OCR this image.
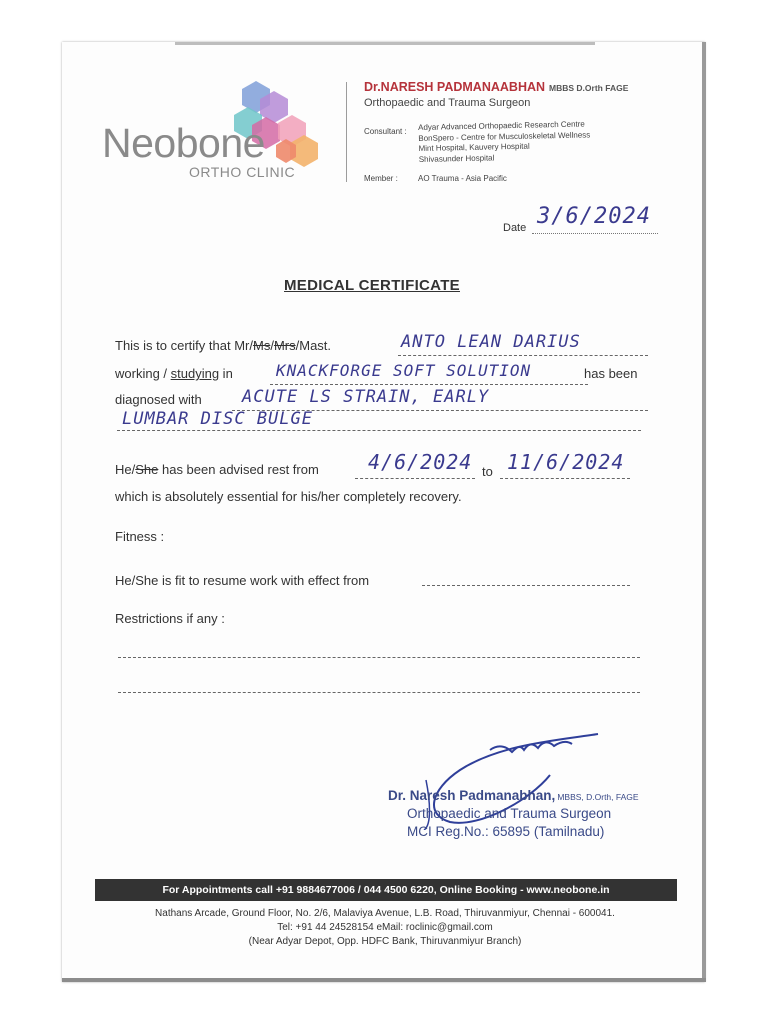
Neobone
ORTHO CLINIC
Dr.NARESH PADMANAABHAN MBBS D.Orth FAGE
Orthopaedic and Trauma Surgeon
Consultant : Adyar Advanced Orthopaedic Research Centre
BonSpero - Centre for Musculoskeletal Wellness
Mint Hospital, Kauvery Hospital
Shivasunder Hospital
Member :	AO Trauma - Asia Pacific
Date 3/6/2024
MEDICAL CERTIFICATE
This is to certify that Mr/Ms/Mrs/Mast.	ANTO LEAN DARIUS
working / studying in	KNACKFORGE SOFT SOLUTION	has been
diagnosed with ACUTE LS STRAIN, EARLY
LUMBAR DISC BULGE
He/She has been advised rest from 4/6/2024 to 11/6/2024
which is absolutely essential for his/her completely recovery.
Fitness :
He/She is fit to resume work with effect from
Restrictions if any :
Dr. Naresh Padmanabhan, MBBS, D.Orth, FAGE
Orthopaedic and Trauma Surgeon
MCI Reg.No.: 65895 (Tamilnadu)
For Appointments call +91 9884677006 / 044 4500 6220, Online Booking - www.neobone.in
Nathans Arcade, Ground Floor, No. 2/6, Malaviya Avenue, L.B. Road, Thiruvanmiyur, Chennai - 600041.
Tel: +91 44 24528154 eMail: roclinic@gmail.com
(Near Adyar Depot, Opp. HDFC Bank, Thiruvanmiyur Branch)
